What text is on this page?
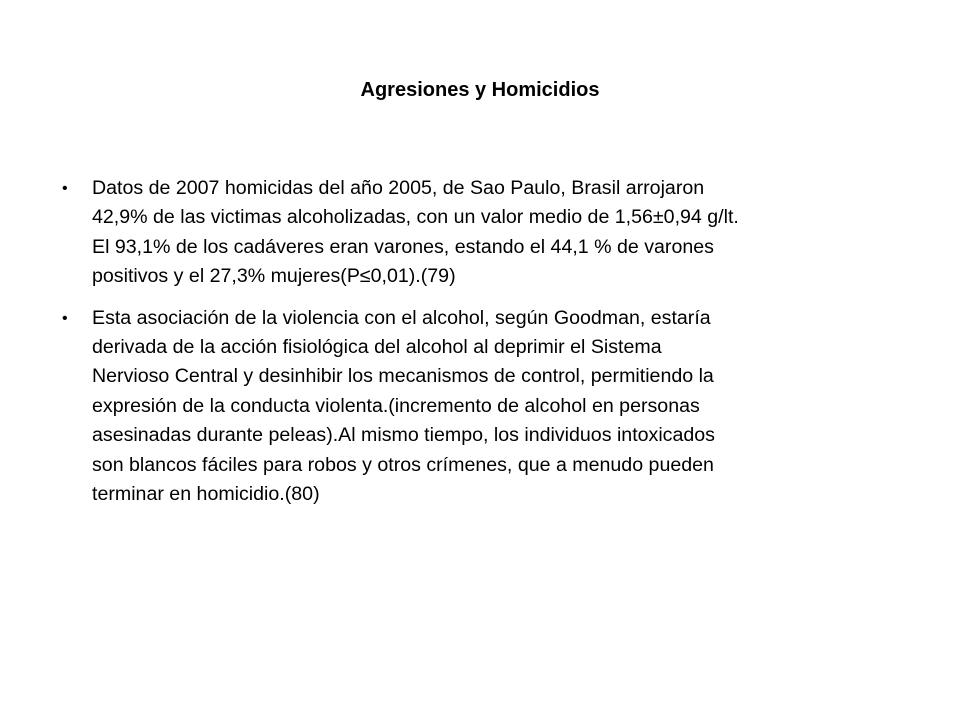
Agresiones y Homicidios
• Datos de 2007 homicidas del año 2005, de Sao Paulo, Brasil arrojaron
42,9% de las victimas alcoholizadas, con un valor medio de 1,56±0,94 g/lt.
El 93,1% de los cadáveres eran varones, estando el 44,1 % de varones
positivos y el 27,3% mujeres(P≤0,01).(79)
• Esta asociación de la violencia con el alcohol, según Goodman, estaría
derivada de la acción fisiológica del alcohol al deprimir el Sistema
Nervioso Central y desinhibir los mecanismos de control, permitiendo la
expresión de la conducta violenta.(incremento de alcohol en personas
asesinadas durante peleas).Al mismo tiempo, los individuos intoxicados
son blancos fáciles para robos y otros crímenes, que a menudo pueden
terminar en homicidio.(80)
